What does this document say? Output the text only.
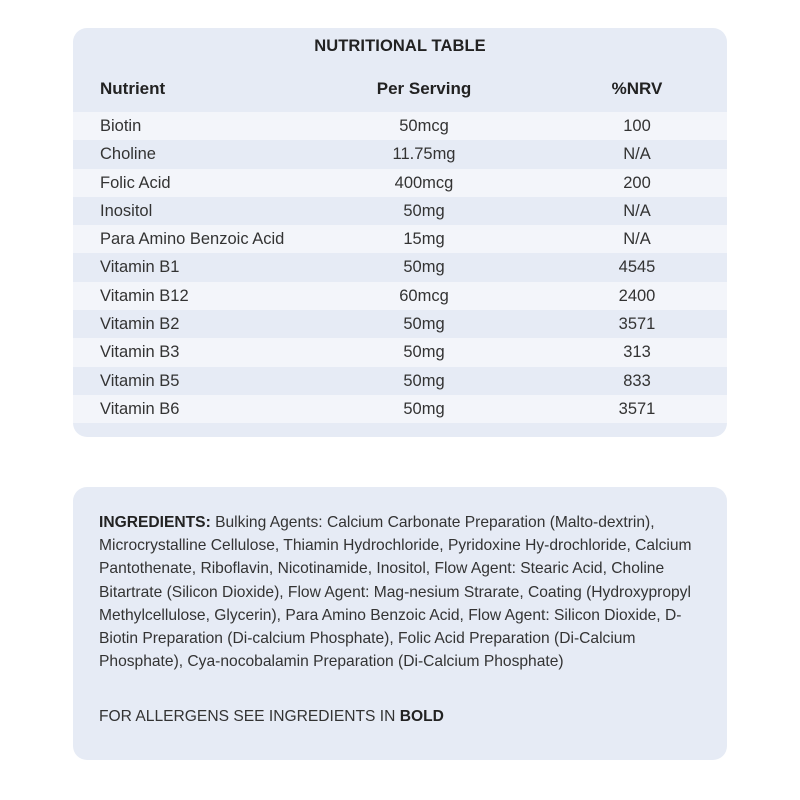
NUTRITIONAL TABLE
Nutrient	Per Serving	%NRV
Biotin	50mcg	100
Choline	11.75mg	N/A
Folic Acid	400mcg	200
Inositol	50mg	N/A
Para Amino Benzoic Acid	15mg	N/A
Vitamin B1	50mg	4545
Vitamin B12	60mcg	2400
Vitamin B2	50mg	3571
Vitamin B3	50mg	313
Vitamin B5	50mg	833
Vitamin B6	50mg	3571
INGREDIENTS: Bulking Agents: Calcium Carbonate Preparation (Malto-dextrin), Microcrystalline Cellulose, Thiamin Hydrochloride, Pyridoxine Hy-drochloride, Calcium Pantothenate, Riboflavin, Nicotinamide, Inositol, Flow Agent: Stearic Acid, Choline Bitartrate (Silicon Dioxide), Flow Agent: Mag-nesium Strarate, Coating (Hydroxypropyl Methylcellulose, Glycerin), Para Amino Benzoic Acid, Flow Agent: Silicon Dioxide, D-Biotin Preparation (Di-calcium Phosphate), Folic Acid Preparation (Di-Calcium Phosphate), Cya-nocobalamin Preparation (Di-Calcium Phosphate)
FOR ALLERGENS SEE INGREDIENTS IN BOLD
